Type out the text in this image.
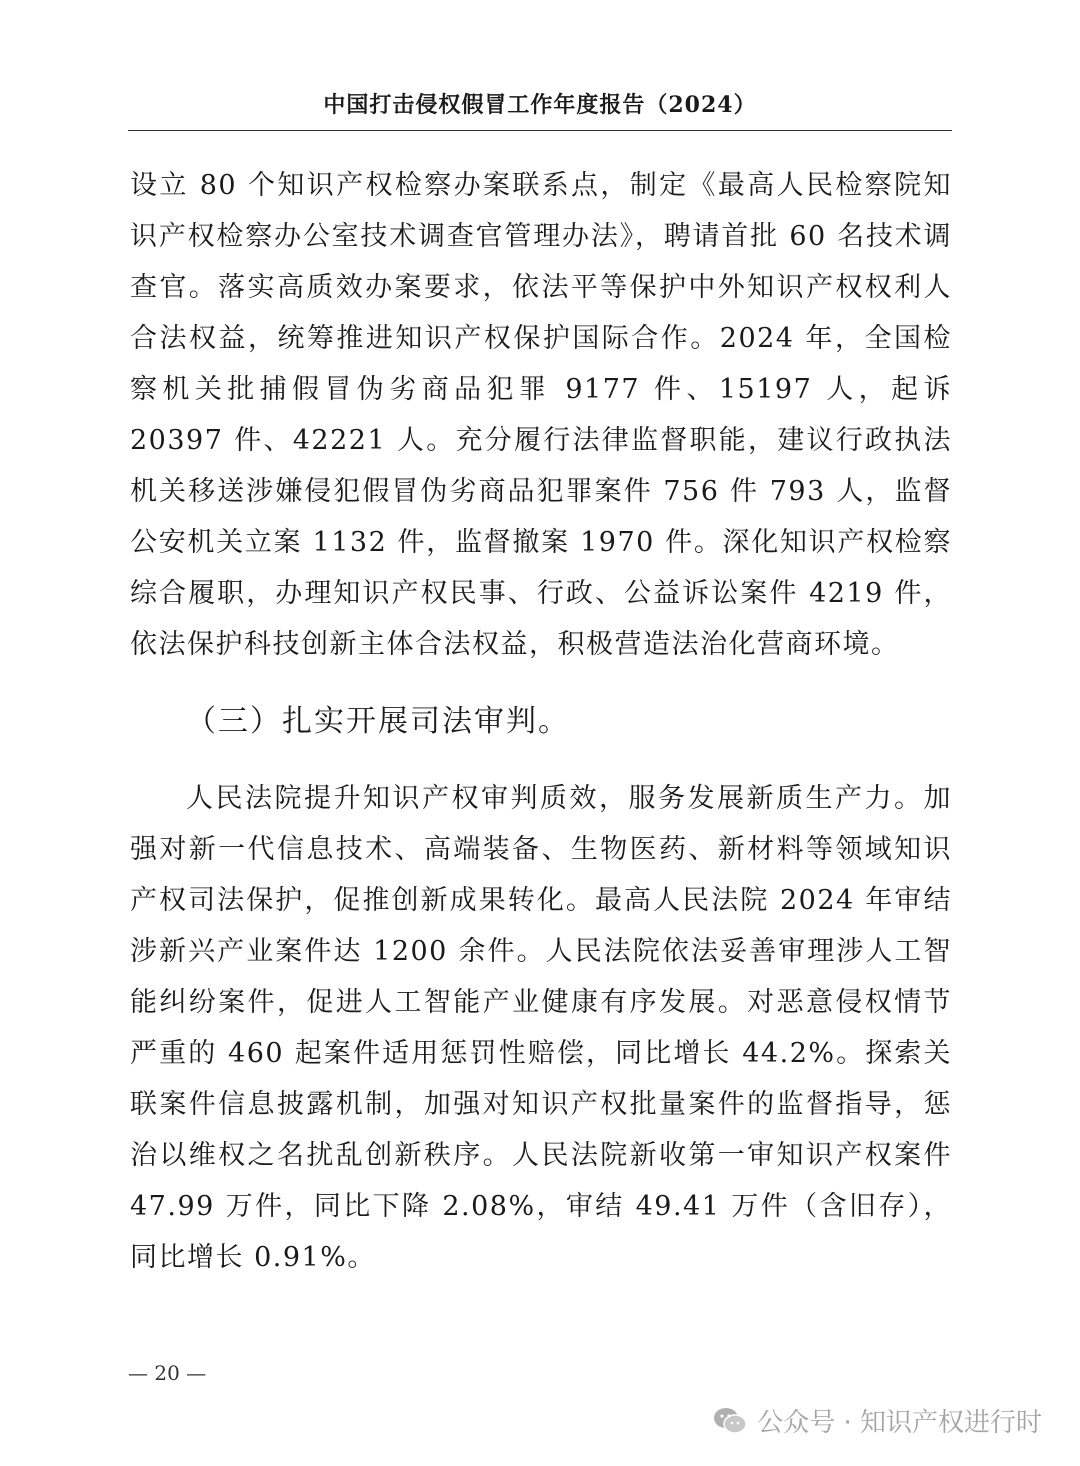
中国打击侵权假冒工作年度报告（2024）

设立 80 个知识产权检察办案联系点，制定《最高人民检察院知识产权检察办公室技术调查官管理办法》，聘请首批 60 名技术调查官。落实高质效办案要求，依法平等保护中外知识产权权利人合法权益，统筹推进知识产权保护国际合作。2024 年，全国检察机关批捕假冒伪劣商品犯罪 9177 件、15197 人，起诉 20397 件、42221 人。充分履行法律监督职能，建议行政执法机关移送涉嫌侵犯假冒伪劣商品犯罪案件 756 件 793 人，监督公安机关立案 1132 件，监督撤案 1970 件。深化知识产权检察综合履职，办理知识产权民事、行政、公益诉讼案件 4219 件，依法保护科技创新主体合法权益，积极营造法治化营商环境。

（三）扎实开展司法审判。

人民法院提升知识产权审判质效，服务发展新质生产力。加强对新一代信息技术、高端装备、生物医药、新材料等领域知识产权司法保护，促推创新成果转化。最高人民法院 2024 年审结涉新兴产业案件达 1200 余件。人民法院依法妥善审理涉人工智能纠纷案件，促进人工智能产业健康有序发展。对恶意侵权情节严重的 460 起案件适用惩罚性赔偿，同比增长 44.2%。探索关联案件信息披露机制，加强对知识产权批量案件的监督指导，惩治以维权之名扰乱创新秩序。人民法院新收第一审知识产权案件 47.99 万件，同比下降 2.08%，审结 49.41 万件（含旧存），同比增长 0.91%。

— 20 —

公众号 · 知识产权进行时
